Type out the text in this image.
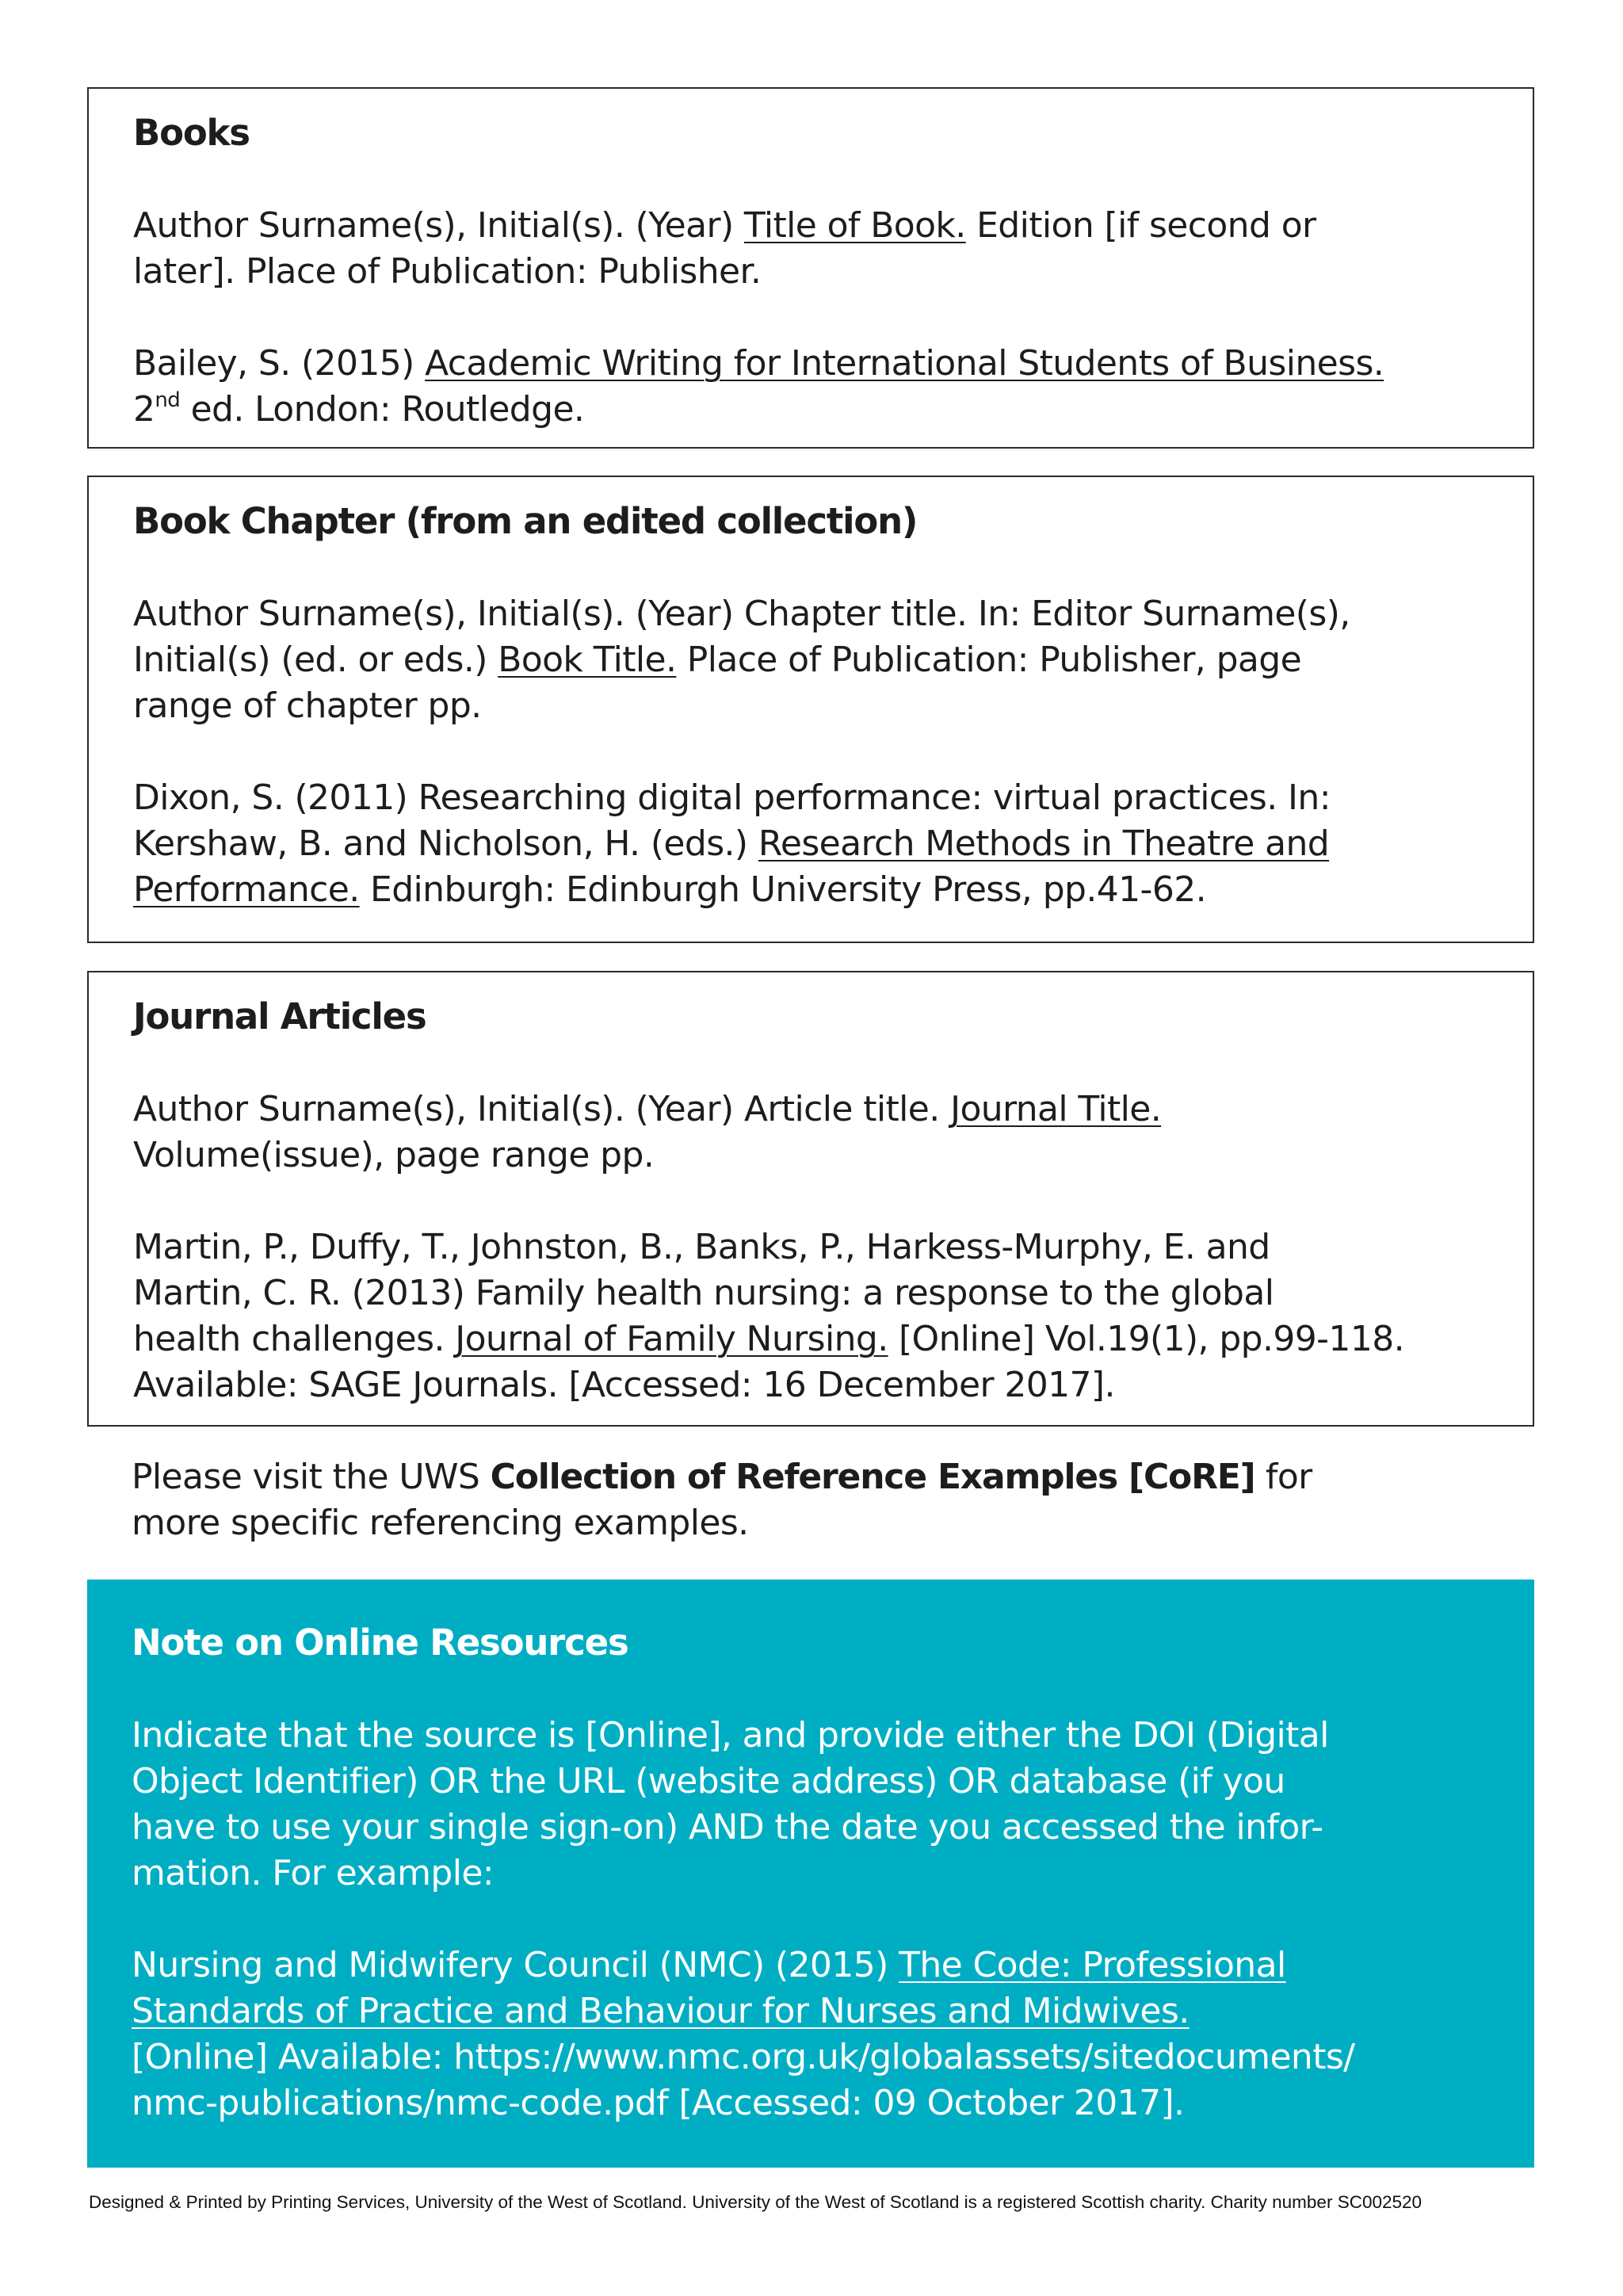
Books

Author Surname(s), Initial(s). (Year) Title of Book. Edition [if second or
later]. Place of Publication: Publisher.

Bailey, S. (2015) Academic Writing for International Students of Business.
2nd ed. London: Routledge.

Book Chapter (from an edited collection)

Author Surname(s), Initial(s). (Year) Chapter title. In: Editor Surname(s),
Initial(s) (ed. or eds.) Book Title. Place of Publication: Publisher, page
range of chapter pp.

Dixon, S. (2011) Researching digital performance: virtual practices. In:
Kershaw, B. and Nicholson, H. (eds.) Research Methods in Theatre and
Performance. Edinburgh: Edinburgh University Press, pp.41-62.

Journal Articles

Author Surname(s), Initial(s). (Year) Article title. Journal Title.
Volume(issue), page range pp.

Martin, P., Duffy, T., Johnston, B., Banks, P., Harkess-Murphy, E. and
Martin, C. R. (2013) Family health nursing: a response to the global
health challenges. Journal of Family Nursing. [Online] Vol.19(1), pp.99-118.
Available: SAGE Journals. [Accessed: 16 December 2017].

Please visit the UWS Collection of Reference Examples [CoRE] for
more specific referencing examples.

Note on Online Resources

Indicate that the source is [Online], and provide either the DOI (Digital
Object Identifier) OR the URL (website address) OR database (if you
have to use your single sign-on) AND the date you accessed the infor-
mation. For example:

Nursing and Midwifery Council (NMC) (2015) The Code: Professional
Standards of Practice and Behaviour for Nurses and Midwives.
[Online] Available: https://www.nmc.org.uk/globalassets/sitedocuments/
nmc-publications/nmc-code.pdf [Accessed: 09 October 2017].

Designed & Printed by Printing Services, University of the West of Scotland. University of the West of Scotland is a registered Scottish charity. Charity number SC002520
